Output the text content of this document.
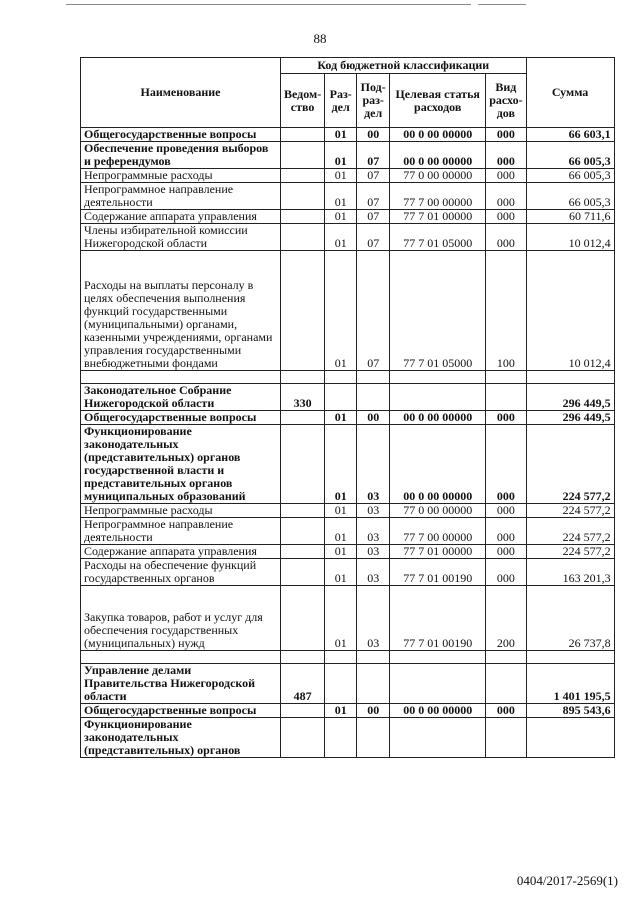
88
Наименование	Код бюджетной классификации					Сумма
	Ведом-ство	Раз-дел	Под-раз-дел	Целевая статья расходов	Вид расхо-дов	
Общегосударственные вопросы		01	00	00 0 00 00000	000	66 603,1
Обеспечение проведения выборов и референдумов		01	07	00 0 00 00000	000	66 005,3
Непрограммные расходы		01	07	77 0 00 00000	000	66 005,3
Непрограммное направление деятельности		01	07	77 7 00 00000	000	66 005,3
Содержание аппарата управления		01	07	77 7 01 00000	000	60 711,6
Члены избирательной комиссии Нижегородской области		01	07	77 7 01 05000	000	10 012,4
Расходы на выплаты персоналу в целях обеспечения выполнения функций государственными (муниципальными) органами, казенными учреждениями, органами управления государственными внебюджетными фондами		01	07	77 7 01 05000	100	10 012,4

Законодательное Собрание Нижегородской области	330					296 449,5
Общегосударственные вопросы		01	00	00 0 00 00000	000	296 449,5
Функционирование законодательных (представительных) органов государственной власти и представительных органов муниципальных образований		01	03	00 0 00 00000	000	224 577,2
Непрограммные расходы		01	03	77 0 00 00000	000	224 577,2
Непрограммное направление деятельности		01	03	77 7 00 00000	000	224 577,2
Содержание аппарата управления		01	03	77 7 01 00000	000	224 577,2
Расходы на обеспечение функций государственных органов		01	03	77 7 01 00190	000	163 201,3
Закупка товаров, работ и услуг для обеспечения государственных (муниципальных) нужд		01	03	77 7 01 00190	200	26 737,8

Управление делами Правительства Нижегородской области	487					1 401 195,5
Общегосударственные вопросы		01	00	00 0 00 00000	000	895 543,6
Функционирование законодательных (представительных) органов						
0404/2017-2569(1)
